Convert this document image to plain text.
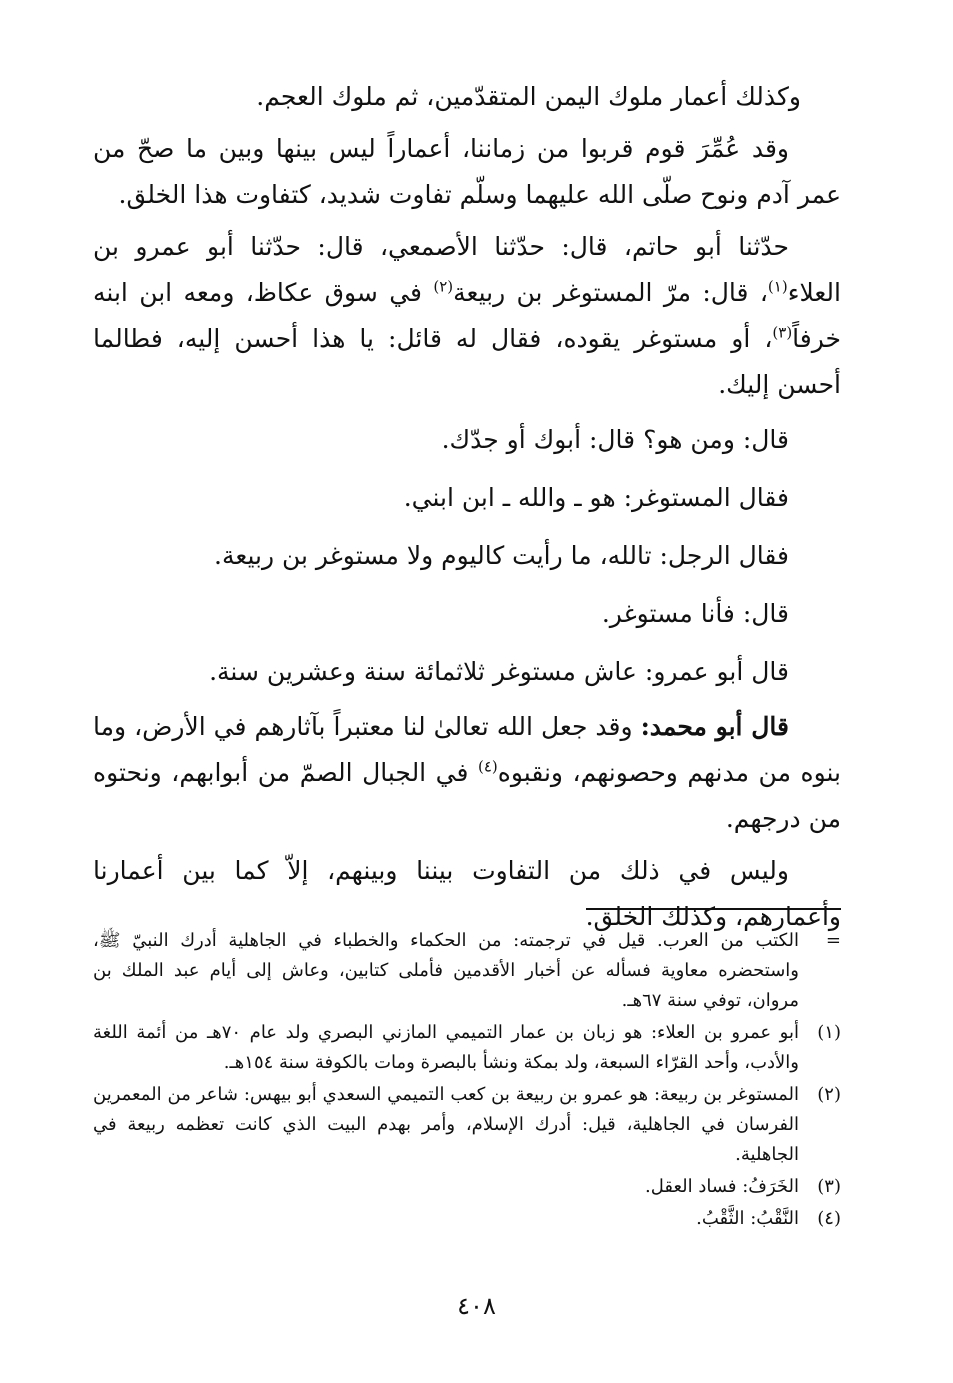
وكذلك أعمار ملوك اليمن المتقدّمين، ثم ملوك العجم.

وقد عُمِّرَ قوم قربوا من زماننا، أعماراً ليس بينها وبين ما صحّ من عمر آدم ونوح صلّى الله عليهما وسلّم تفاوت شديد، كتفاوت هذا الخلق.

حدّثنا أبو حاتم، قال: حدّثنا الأصمعي، قال: حدّثنا أبو عمرو بن العلاء$^{(١)}$، قال: مرّ المستوغر بن ربيعة$^{(٢)}$ في سوق عكاظ، ومعه ابن ابنه خرفاً$^{(٣)}$، أو مستوغر يقوده، فقال له قائل: يا هذا أحسن إليه، فطالما أحسن إليك.

قال: ومن هو؟ قال: أبوك أو جدّك.

فقال المستوغر: هو ـ والله ـ ابن ابني.

فقال الرجل: تالله، ما رأيت كاليوم ولا مستوغر بن ربيعة.

قال: فأنا مستوغر.

قال أبو عمرو: عاش مستوغر ثلاثمائة سنة وعشرين سنة.

قال أبو محمد: وقد جعل الله تعالىٰ لنا معتبراً بآثارهم في الأرض، وما بنوه من مدنهم وحصونهم، ونقبوه$^{(٤)}$ في الجبال الصمّ من أبوابهم، ونحتوه من درجهم.

وليس في ذلك من التفاوت بيننا وبينهم، إلاّ كما بين أعمارنا وأعمارهم، وكذلك الخلق.

=
الكتب من العرب. قيل في ترجمته: من الحكماء والخطباء في الجاهلية أدرك النبيّ ﷺ، واستحضره معاوية فسأله عن أخبار الأقدمين فأملى كتابين، وعاش إلى أيام عبد الملك بن مروان، توفي سنة ٦٧هـ.
(١)
أبو عمرو بن العلاء: هو زبان بن عمار التميمي المازني البصري ولد عام ٧٠هـ من أئمة اللغة والأدب، وأحد القرّاء السبعة، ولد بمكة ونشأ بالبصرة ومات بالكوفة سنة ١٥٤هـ.
(٢)
المستوغر بن ربيعة: هو عمرو بن ربيعة بن كعب التميمي السعدي أبو بيهس: شاعر من المعمرين الفرسان في الجاهلية، قيل: أدرك الإسلام، وأمر بهدم البيت الذي كانت تعظمه ربيعة في الجاهلية.
(٣)
الخَرَفُ: فساد العقل.
(٤)
النَّقْبُ: الثَّقْبُ.
٤٠٨
